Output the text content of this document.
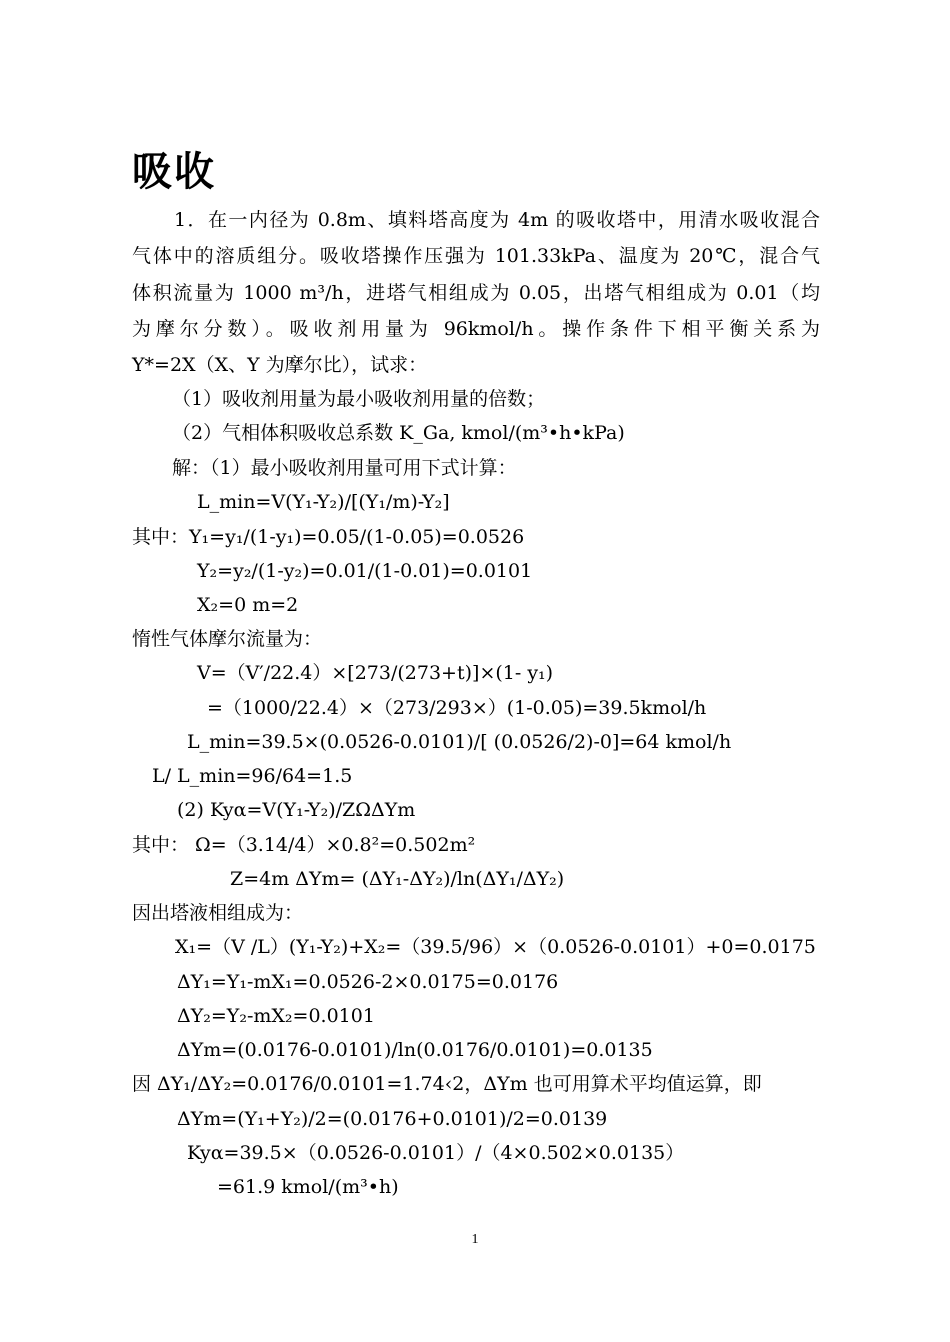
吸收
1．在一内径为 0.8m、填料塔高度为 4m 的吸收塔中，用清水吸收混合
气体中的溶质组分。吸收塔操作压强为 101.33kPa、温度为 20℃，混合气
体积流量为 1000 m³/h，进塔气相组成为 0.05，出塔气相组成为 0.01（均
为摩尔分数）。吸收剂用量为 96kmol/h。操作条件下相平衡关系为
Y*=2X（X、Y 为摩尔比），试求：
（1）吸收剂用量为最小吸收剂用量的倍数；
（2）气相体积吸收总系数 K_Ga, kmol/(m³•h•kPa)
解：（1）最小吸收剂用量可用下式计算：
L_min=V(Y₁-Y₂)/[(Y₁/m)-Y₂]
其中：Y₁=y₁/(1-y₁)=0.05/(1-0.05)=0.0526
Y₂=y₂/(1-y₂)=0.01/(1-0.01)=0.0101
X₂=0 m=2
惰性气体摩尔流量为：
V=（V′/22.4）×[273/(273+t)]×(1- y₁)
=（1000/22.4）×（273/293×）(1-0.05)=39.5kmol/h
L_min=39.5×(0.0526-0.0101)/[ (0.0526/2)-0]=64 kmol/h
L/ L_min=96/64=1.5
(2) Kyα=V(Y₁-Y₂)/ZΩΔYm
其中： Ω=（3.14/4）×0.8²=0.502m²
Z=4m ΔYm= (ΔY₁-ΔY₂)/ln(ΔY₁/ΔY₂)
因出塔液相组成为：
X₁=（V /L）(Y₁-Y₂)+X₂=（39.5/96）×（0.0526-0.0101）+0=0.0175
ΔY₁=Y₁-mX₁=0.0526-2×0.0175=0.0176
ΔY₂=Y₂-mX₂=0.0101
ΔYm=(0.0176-0.0101)/ln(0.0176/0.0101)=0.0135
因 ΔY₁/ΔY₂=0.0176/0.0101=1.74‹2，ΔYm 也可用算术平均值运算，即
ΔYm=(Y₁+Y₂)/2=(0.0176+0.0101)/2=0.0139
Kyα=39.5×（0.0526-0.0101）/（4×0.502×0.0135）
=61.9 kmol/(m³•h)
1
